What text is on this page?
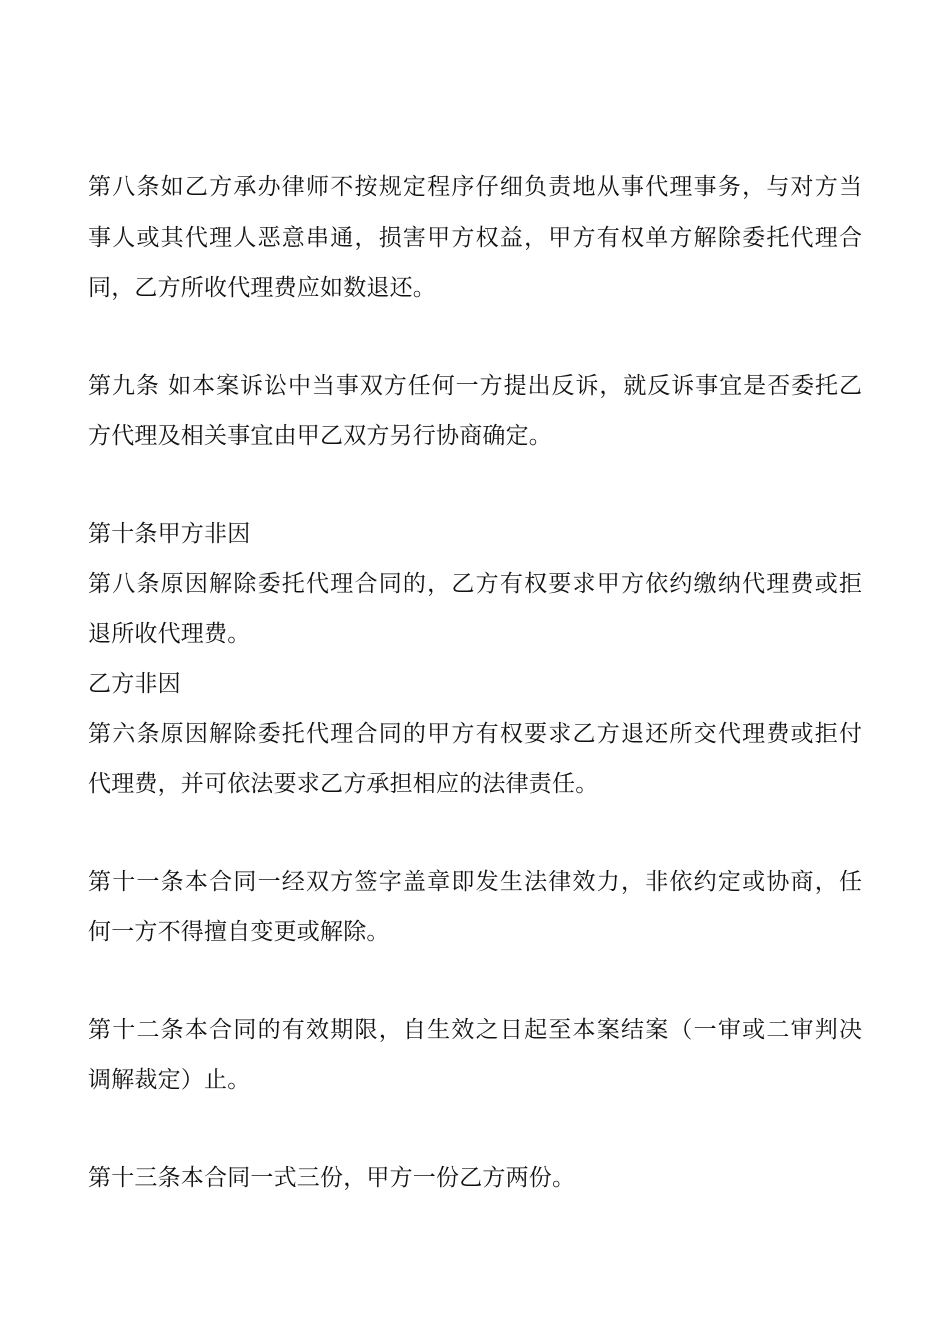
第八条如乙方承办律师不按规定程序仔细负责地从事代理事务，与对方当

事人或其代理人恶意串通，损害甲方权益，甲方有权单方解除委托代理合

同，乙方所收代理费应如数退还。

第九条 如本案诉讼中当事双方任何一方提出反诉，就反诉事宜是否委托乙

方代理及相关事宜由甲乙双方另行协商确定。

第十条甲方非因

第八条原因解除委托代理合同的，乙方有权要求甲方依约缴纳代理费或拒

退所收代理费。

乙方非因

第六条原因解除委托代理合同的甲方有权要求乙方退还所交代理费或拒付

代理费，并可依法要求乙方承担相应的法律责任。

第十一条本合同一经双方签字盖章即发生法律效力，非依约定或协商，任

何一方不得擅自变更或解除。

第十二条本合同的有效期限，自生效之日起至本案结案（一审或二审判决

调解裁定）止。

第十三条本合同一式三份，甲方一份乙方两份。
